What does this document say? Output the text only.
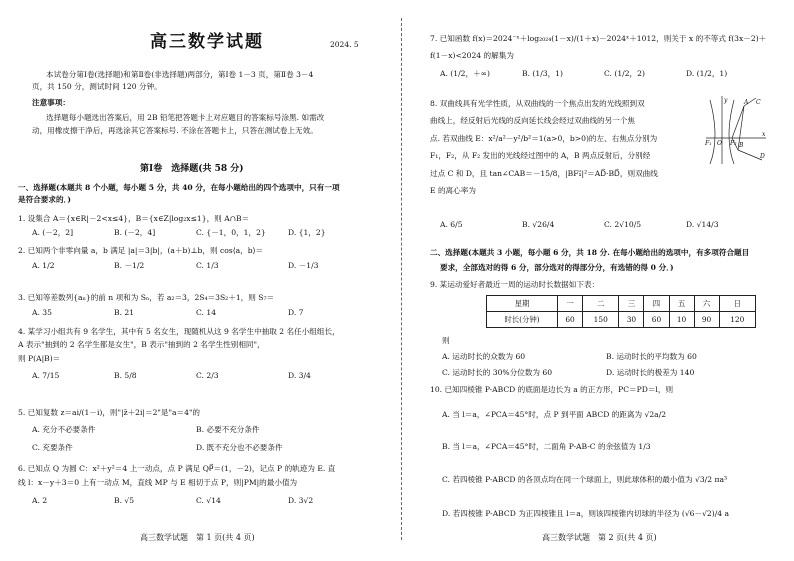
高三数学试题	2024. 5
本试卷分第Ⅰ卷(选择题)和第Ⅱ卷(非选择题)两部分，第Ⅰ卷 1－3 页，第Ⅱ卷 3－4
页，共 150 分，测试时间 120 分钟。
注意事项：
选择题每小题选出答案后，用 2B 铅笔把答题卡上对应题目的答案标号涂黑. 如需改
动，用橡皮擦干净后，再选涂其它答案标号. 不涂在答题卡上，只答在测试卷上无效。
第Ⅰ卷　选择题(共 58 分)
一、选择题(本题共 8 个小题，每小题 5 分，共 40 分，在每小题给出的四个选项中，只有一项
是符合要求的．)
1. 设集合 A＝{x∈R|－2<x≤4}，B＝{x∈Z|log₂x≤1}，则 A∩B＝
A. (－2，2]	B. (－2，4]	C. {－1，0，1，2}	D. {1，2}
2. 已知两个非零向量 a，b 满足 |a|＝3|b|，(a＋b)⊥b，则 cos⟨a，b⟩＝
A. 1/2	B. －1/2	C. 1/3	D. －1/3
3. 已知等差数列{aₙ}的前 n 项和为 Sₙ，若 a₂＝3，2S₄＝3S₂＋1，则 S₇＝
A. 35	B. 21	C. 14	D. 7
4. 某学习小组共有 9 名学生，其中有 5 名女生，现随机从这 9 名学生中抽取 2 名任小组组长，
A 表示"抽到的 2 名学生都是女生"，B 表示"抽到的 2 名学生性别相同"，
则 P(A|B)＝
A. 7/15	B. 5/8	C. 2/3	D. 3/4
5. 已知复数 z＝ai/(1－i)，则"|z̄＋2i|＝2"是"a＝4"的
A. 充分不必要条件	B. 必要不充分条件
C. 充要条件	D. 既不充分也不必要条件
6. 已知点 Q 为圆 C：x²＋y²＝4 上一动点，点 P 满足 QP⃗＝(1，－2)，记点 P 的轨迹为 E. 直
线 l：x－y＋3＝0 上有一动点 M，直线 MP 与 E 相切于点 P，则|PM|的最小值为
A. 2	B. √5	C. √14	D. 3√2
高三数学试题　第 1 页(共 4 页)
7. 已知函数 f(x)＝2024⁻ˣ＋log₂₀₂₄(1－x)/(1＋x)－2024ˣ＋1012，则关于 x 的不等式 f(3x－2)＋
f(1－x)<2024 的解集为
A. (1/2，＋∞)	B. (1/3，1)	C. (1/2，2)	D. (1/2，1)
8. 双曲线具有光学性质，从双曲线的一个焦点出发的光线照到双
曲线上，经反射后光线的反向延长线会经过双曲线的另一个焦
点. 若双曲线 E：x²/a²－y²/b²＝1(a>0，b>0)的左、右焦点分别为
F₁，F₂，从 F₂ 发出的光线经过图中的 A，B 两点反射后，分别经
过点 C 和 D，且 tan∠CAB＝－15/8，|BF₁⃗|²＝AD⃗·BD⃗，则双曲线
E 的离心率为
A. 6/5	B. √26/4	C. 2√10/5	D. √14/3
y	A C
O
F₁	F₂ B
D
x
二、选择题(本题共 3 小题，每小题 6 分，共 18 分. 在每小题给出的选项中，有多项符合题目
要求，全部选对的得 6 分，部分选对的得部分分，有选错的得 0 分．)
9. 某运动爱好者最近一周的运动时长数据如下表：
星期	一	二	三	四	五	六	日
时长(分钟)	60	150	30	60	10	90	120
则
A. 运动时长的众数为 60	B. 运动时长的平均数为 60
C. 运动时长的 30%分位数为 60	D. 运动时长的极差为 140
10. 已知四棱锥 P-ABCD 的底面是边长为 a 的正方形，PC＝PD＝l，则
A. 当 l＝a，∠PCA＝45°时，点 P 到平面 ABCD 的距离为 √2a/2
B. 当 l＝a，∠PCA＝45°时，二面角 P-AB-C 的余弦值为 1/3
C. 若四棱锥 P-ABCD 的各顶点均在同一个球面上，则此球体积的最小值为 √3/2 πa³
D. 若四棱锥 P-ABCD 为正四棱锥且 l＝a，则该四棱锥内切球的半径为 (√6－√2)/4 a
高三数学试题　第 2 页(共 4 页)
